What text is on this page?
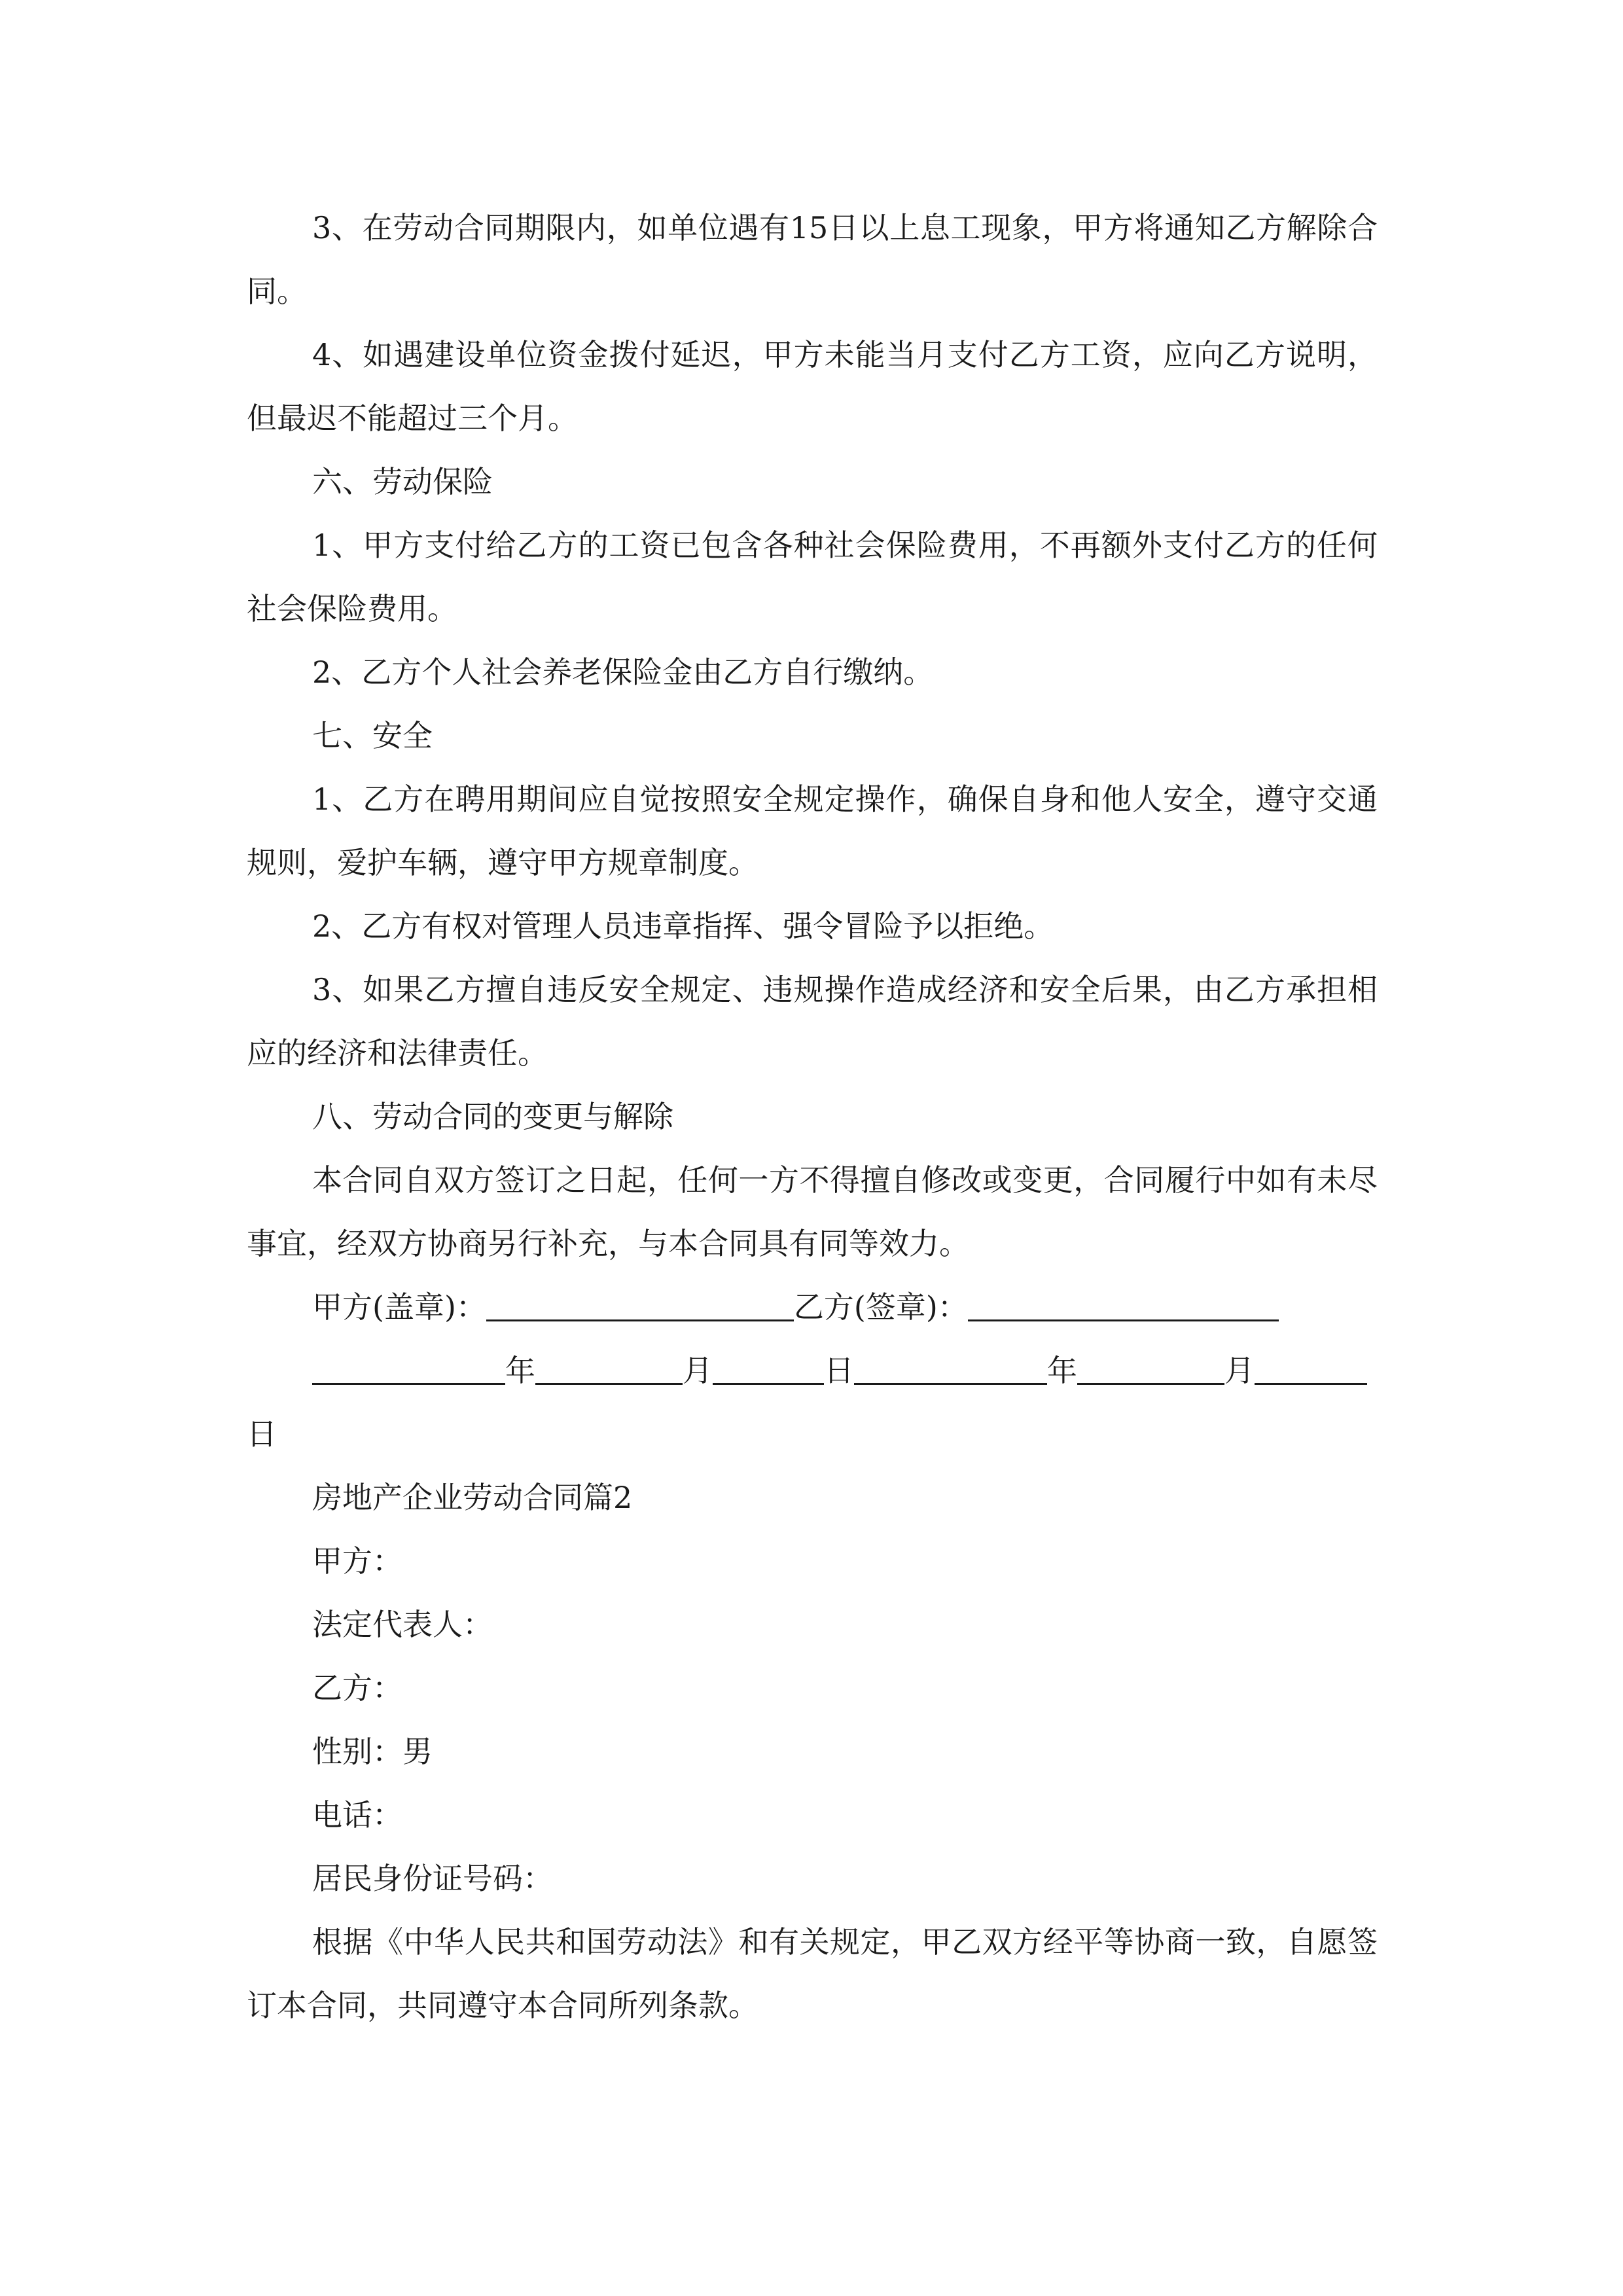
3、在劳动合同期限内，如单位遇有15日以上息工现象，甲方将通知乙方解除合同。

4、如遇建设单位资金拨付延迟，甲方未能当月支付乙方工资，应向乙方说明，但最迟不能超过三个月。

六、劳动保险

1、甲方支付给乙方的工资已包含各种社会保险费用，不再额外支付乙方的任何社会保险费用。

2、乙方个人社会养老保险金由乙方自行缴纳。

七、安全

1、乙方在聘用期间应自觉按照安全规定操作，确保自身和他人安全，遵守交通规则，爱护车辆，遵守甲方规章制度。

2、乙方有权对管理人员违章指挥、强令冒险予以拒绝。

3、如果乙方擅自违反安全规定、违规操作造成经济和安全后果，由乙方承担相应的经济和法律责任。

八、劳动合同的变更与解除

本合同自双方签订之日起，任何一方不得擅自修改或变更，合同履行中如有未尽事宜，经双方协商另行补充，与本合同具有同等效力。

甲方(盖章)：	乙方(签章)：

年	月	日	年	月

日

房地产企业劳动合同篇2

甲方：

法定代表人：

乙方：

性别：男

电话：

居民身份证号码：

根据《中华人民共和国劳动法》和有关规定，甲乙双方经平等协商一致，自愿签订本合同，共同遵守本合同所列条款。
